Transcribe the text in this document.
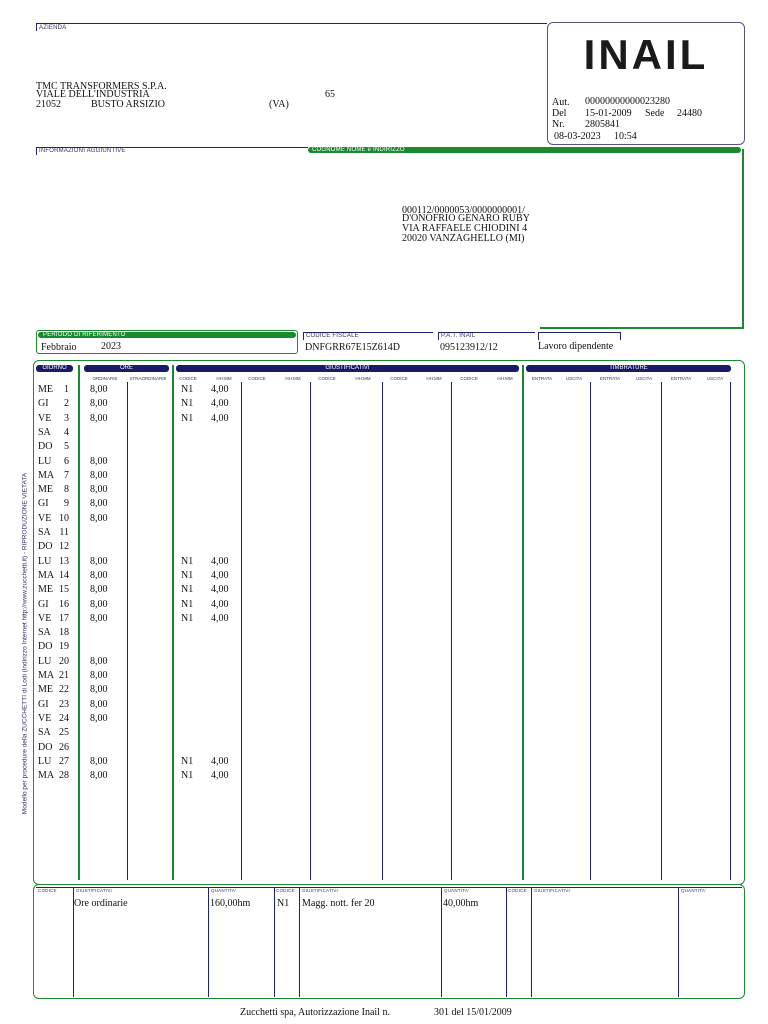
AZIENDA
TMC TRANSFORMERS S.P.A.
VIALE DELL'INDUSTRIA	65
21052	BUSTO ARSIZIO	(VA)
INAIL
Aut. 00000000000023280
Del 15-01-2009 Sede 24480
Nr. 2805841
08-03-2023 10:54
INFORMAZIONI AGGIUNTIVE	COGNOME NOME e INDIRIZZO
000112/0000053/0000000001/
D'ONOFRIO GENARO RUBY
VIA RAFFAELE CHIODINI 4
20020 VANZAGHELLO (MI)
PERIODO DI RIFERIMENTO
Febbraio 2023
CODICE FISCALE
DNFGRR67E15Z614D
P.A.T. INAIL
095123912/12	Lavoro dipendente
GIORNO	ORE	GIUSTIFICATIVI	TIMBRATURE
ORDINARIE	STRAORDINARIE	CODICE	HH:MM	CODICE	HH:MM	CODICE	HH:MM	CODICE	HH:MM	CODICE	HH:MM	ENTRATA	USCITA	ENTRATA	USCITA	ENTRATA	USCITA
ME 1 8,00	N1 4,00
GI 2 8,00	N1 4,00
VE 3 8,00	N1 4,00
SA 4
DO 5
LU 6 8,00
MA 7 8,00
ME 8 8,00
GI 9 8,00
VE 10 8,00
SA 11
DO 12
LU 13 8,00	N1 4,00
MA 14 8,00	N1 4,00
ME 15 8,00	N1 4,00
GI 16 8,00	N1 4,00
VE 17 8,00	N1 4,00
SA 18
DO 19
LU 20 8,00
MA 21 8,00
ME 22 8,00
GI 23 8,00
VE 24 8,00
SA 25
DO 26
LU 27 8,00	N1 4,00
MA 28 8,00	N1 4,00
Modello per procedure della ZUCCHETTI di Lodi (indirizzo Internet http://www.zucchetti.it) - RIPRODUZIONE VIETATA
CODICE	GIUSTIFICATIVI	QUANTITA'	CODICE GIUSTIFICATIVI	QUANTITA'	CODICE GIUSTIFICATIVI	QUANTITA'
Ore ordinarie	160,00hm	N1 Magg. nott. fer 20	40,00hm
Zucchetti spa, Autorizzazione Inail n.	301 del 15/01/2009
